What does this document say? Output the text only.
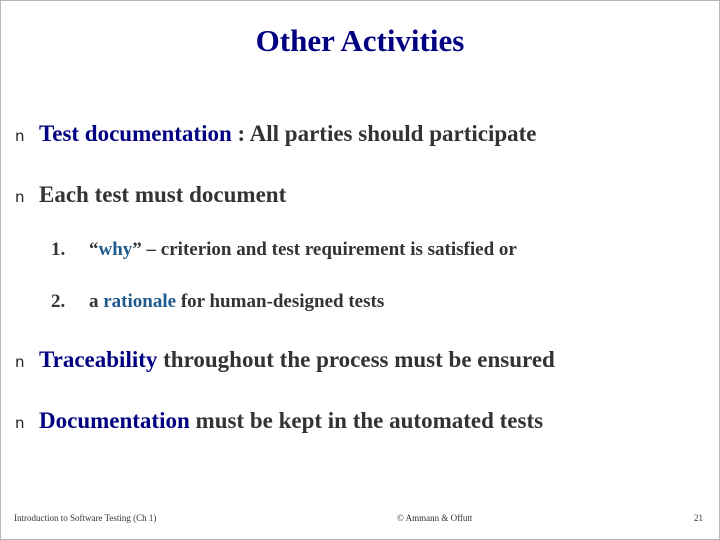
Other Activities
n Test documentation : All parties should participate
n Each test must document
1.	“ why ” – criterion and test requirement is satisfied or
2.	a rationale for human-designed tests
n Traceability throughout the process must be ensured
n Documentation must be kept in the automated tests
Introduction to Software Testing (Ch 1)	© Ammann & Offutt	21
